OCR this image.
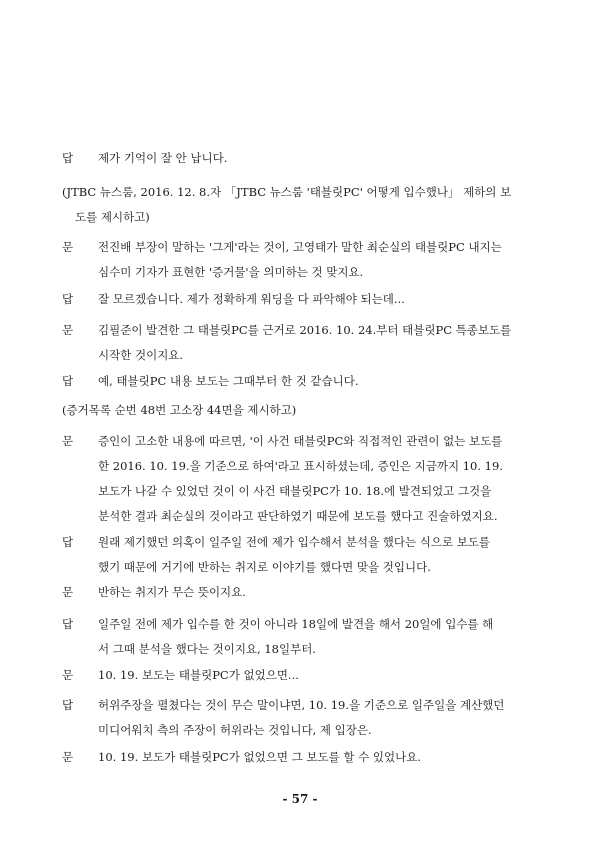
답 제가 기억이 잘 안 납니다.
(JTBC 뉴스룸, 2016. 12. 8.자 「JTBC 뉴스룸 '태블릿PC' 어떻게 입수했나」 제하의 보
도를 제시하고)
문 전진배 부장이 말하는 '그게'라는 것이, 고영태가 말한 최순실의 태블릿PC 내지는
심수미 기자가 표현한 '증거물'을 의미하는 것 맞지요.
답 잘 모르겠습니다. 제가 정확하게 워딩을 다 파악해야 되는데...
문 김필준이 발견한 그 태블릿PC를 근거로 2016. 10. 24.부터 태블릿PC 특종보도를
시작한 것이지요.
답 예, 태블릿PC 내용 보도는 그때부터 한 것 같습니다.
(증거목록 순번 48번 고소장 44면을 제시하고)
문 증인이 고소한 내용에 따르면, '이 사건 태블릿PC와 직접적인 관련이 없는 보도를
한 2016. 10. 19.을 기준으로 하여'라고 표시하셨는데, 증인은 지금까지 10. 19.
보도가 나갈 수 있었던 것이 이 사건 태블릿PC가 10. 18.에 발견되었고 그것을
분석한 결과 최순실의 것이라고 판단하였기 때문에 보도를 했다고 진술하였지요.
답 원래 제기했던 의혹이 일주일 전에 제가 입수해서 분석을 했다는 식으로 보도를
했기 때문에 거기에 반하는 취지로 이야기를 했다면 맞을 것입니다.
문 반하는 취지가 무슨 뜻이지요.
답 일주일 전에 제가 입수를 한 것이 아니라 18일에 발견을 해서 20일에 입수를 해
서 그때 분석을 했다는 것이지요, 18일부터.
문 10. 19. 보도는 태블릿PC가 없었으면...
답 허위주장을 펼쳤다는 것이 무슨 말이냐면, 10. 19.을 기준으로 일주일을 계산했던
미디어워치 측의 주장이 허위라는 것입니다, 제 입장은.
문 10. 19. 보도가 태블릿PC가 없었으면 그 보도를 할 수 있었나요.
- 57 -
